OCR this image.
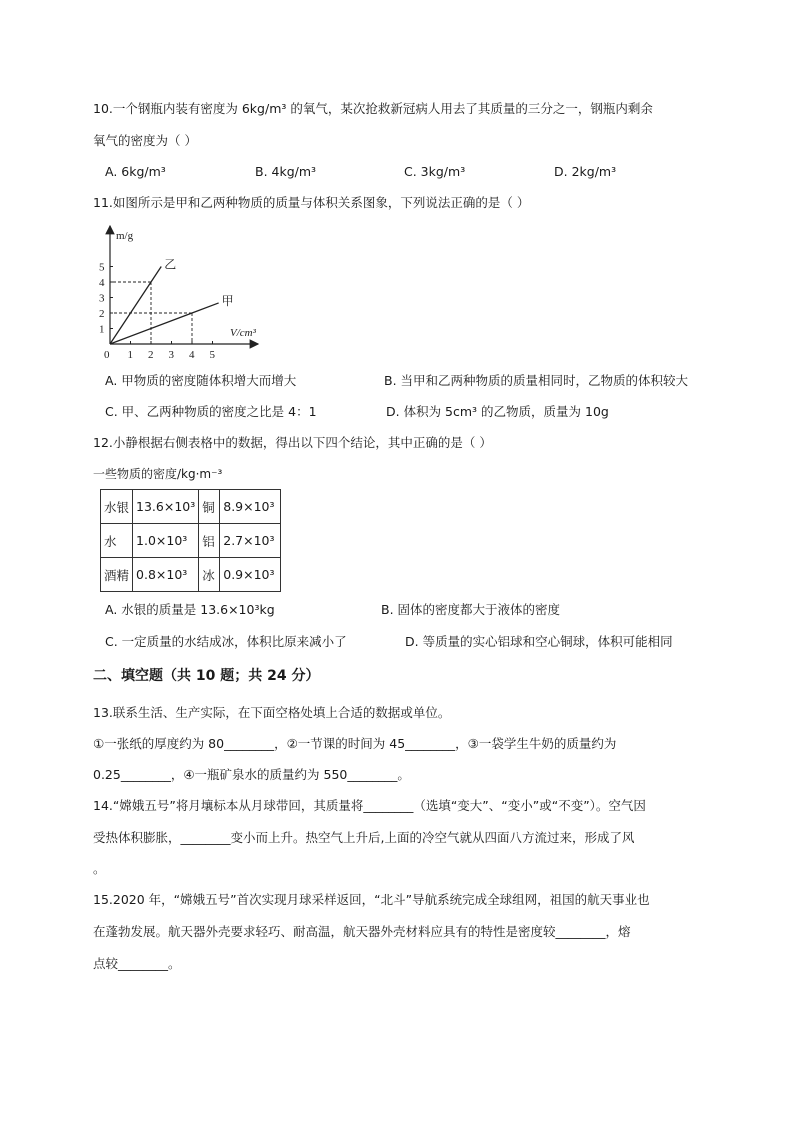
10.一个钢瓶内装有密度为 6kg/m³ 的氧气，某次抢救新冠病人用去了其质量的三分之一，钢瓶内剩余
氧气的密度为（ ）
A. 6kg/m³	B. 4kg/m³	C. 3kg/m³	D. 2kg/m³
11.如图所示是甲和乙两种物质的质量与体积关系图象，下列说法正确的是（ ）
m/g
V/cm³
0 1 2 3 4 5
1
2
3
4
5	乙
甲
A. 甲物质的密度随体积增大而增大	B. 当甲和乙两种物质的质量相同时，乙物质的体积较大
C. 甲、乙两种物质的密度之比是 4：1	D. 体积为 5cm³ 的乙物质，质量为 10g
12.小静根据右侧表格中的数据，得出以下四个结论，其中正确的是（ ）
一些物质的密度/kg·m⁻³
水银	13.6×10³	铜	8.9×10³
水	1.0×10³	铝	2.7×10³
酒精	0.8×10³	冰	0.9×10³
A. 水银的质量是 13.6×10³kg	B. 固体的密度都大于液体的密度
C. 一定质量的水结成冰，体积比原来减小了	D. 等质量的实心铝球和空心铜球，体积可能相同
二、填空题（共 10 题；共 24 分）
13.联系生活、生产实际，在下面空格处填上合适的数据或单位。
①一张纸的厚度约为 80________，②一节课的时间为 45________，③一袋学生牛奶的质量约为
0.25________，④一瓶矿泉水的质量约为 550________。
14.“嫦娥五号”将月壤标本从月球带回，其质量将________（选填“变大”、“变小”或“不变”）。空气因
受热体积膨胀，________变小而上升。热空气上升后,上面的冷空气就从四面八方流过来，形成了风
。
15.2020 年，“嫦娥五号”首次实现月球采样返回，“北斗”导航系统完成全球组网，祖国的航天事业也
在蓬勃发展。航天器外壳要求轻巧、耐高温，航天器外壳材料应具有的特性是密度较________，熔
点较________。
